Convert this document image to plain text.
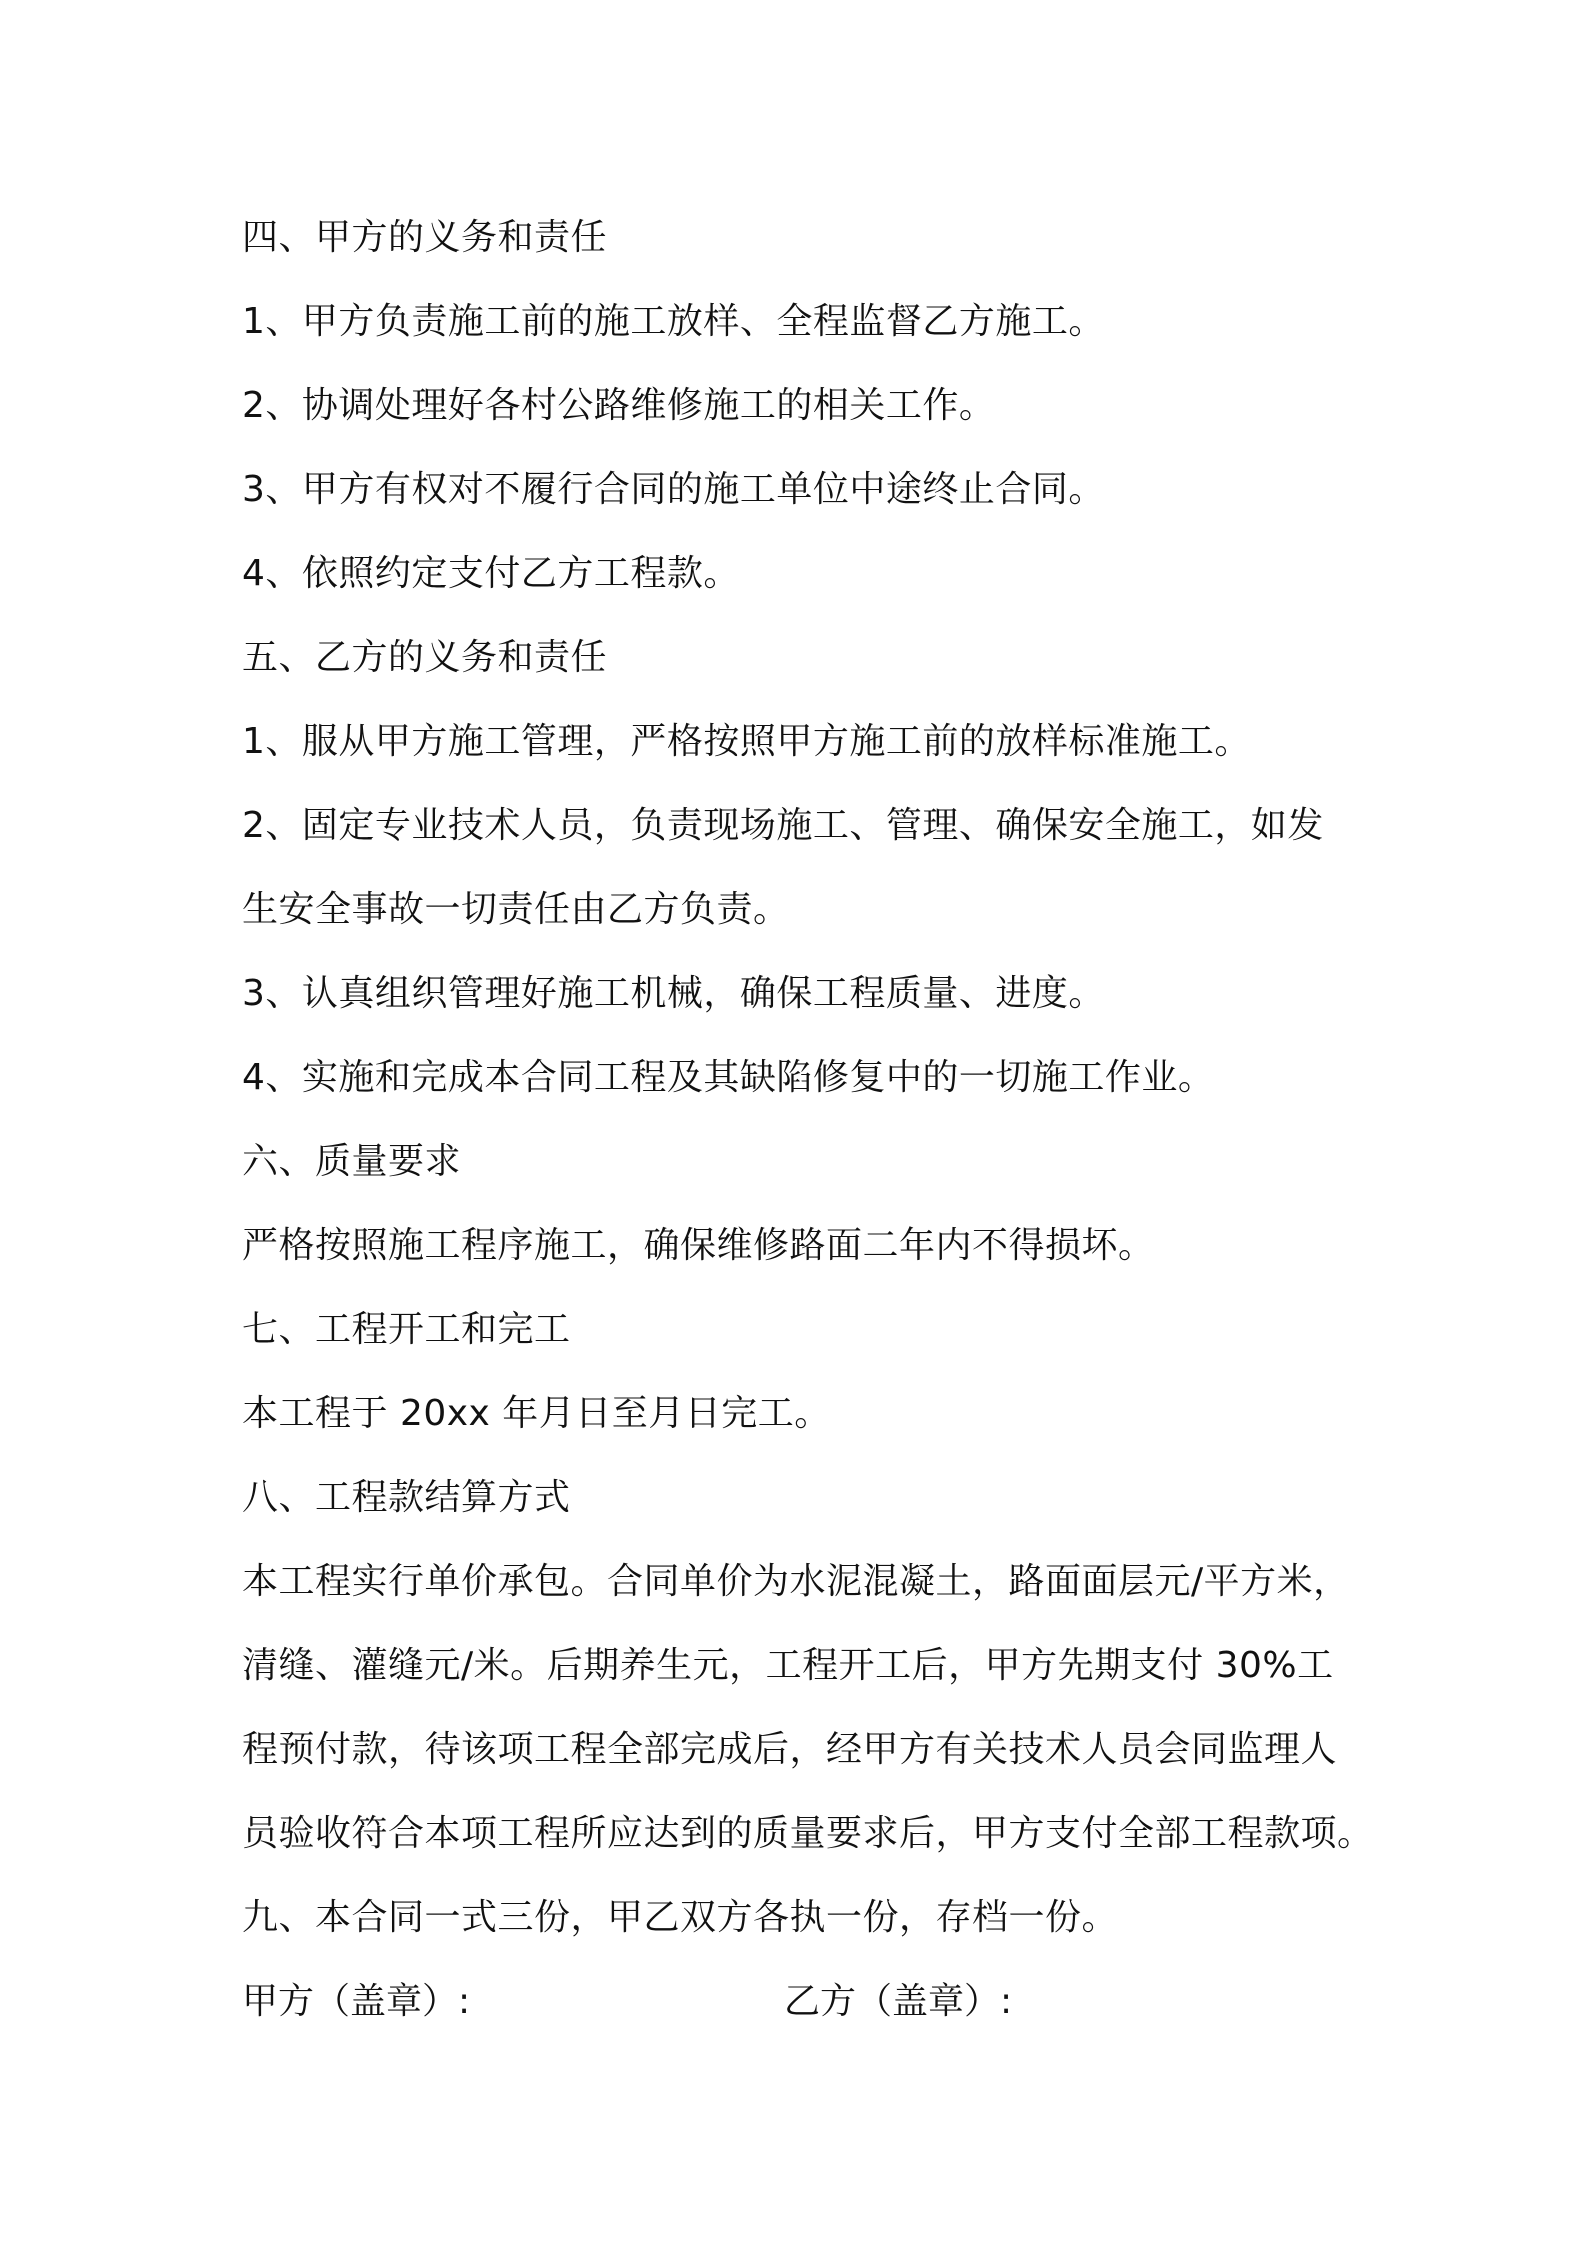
四、甲方的义务和责任
1、甲方负责施工前的施工放样、全程监督乙方施工。
2、协调处理好各村公路维修施工的相关工作。
3、甲方有权对不履行合同的施工单位中途终止合同。
4、依照约定支付乙方工程款。
五、乙方的义务和责任
1、服从甲方施工管理，严格按照甲方施工前的放样标准施工。
2、固定专业技术人员，负责现场施工、管理、确保安全施工，如发
生安全事故一切责任由乙方负责。
3、认真组织管理好施工机械，确保工程质量、进度。
4、实施和完成本合同工程及其缺陷修复中的一切施工作业。
六、质量要求
严格按照施工程序施工，确保维修路面二年内不得损坏。
七、工程开工和完工
本工程于 20xx 年月日至月日完工。
八、工程款结算方式
本工程实行单价承包。合同单价为水泥混凝土，路面面层元/平方米，
清缝、灌缝元/米。后期养生元，工程开工后，甲方先期支付 30%工
程预付款，待该项工程全部完成后，经甲方有关技术人员会同监理人
员验收符合本项工程所应达到的质量要求后，甲方支付全部工程款项。
九、本合同一式三份，甲乙双方各执一份，存档一份。
甲方（盖章）:	乙方（盖章）:
